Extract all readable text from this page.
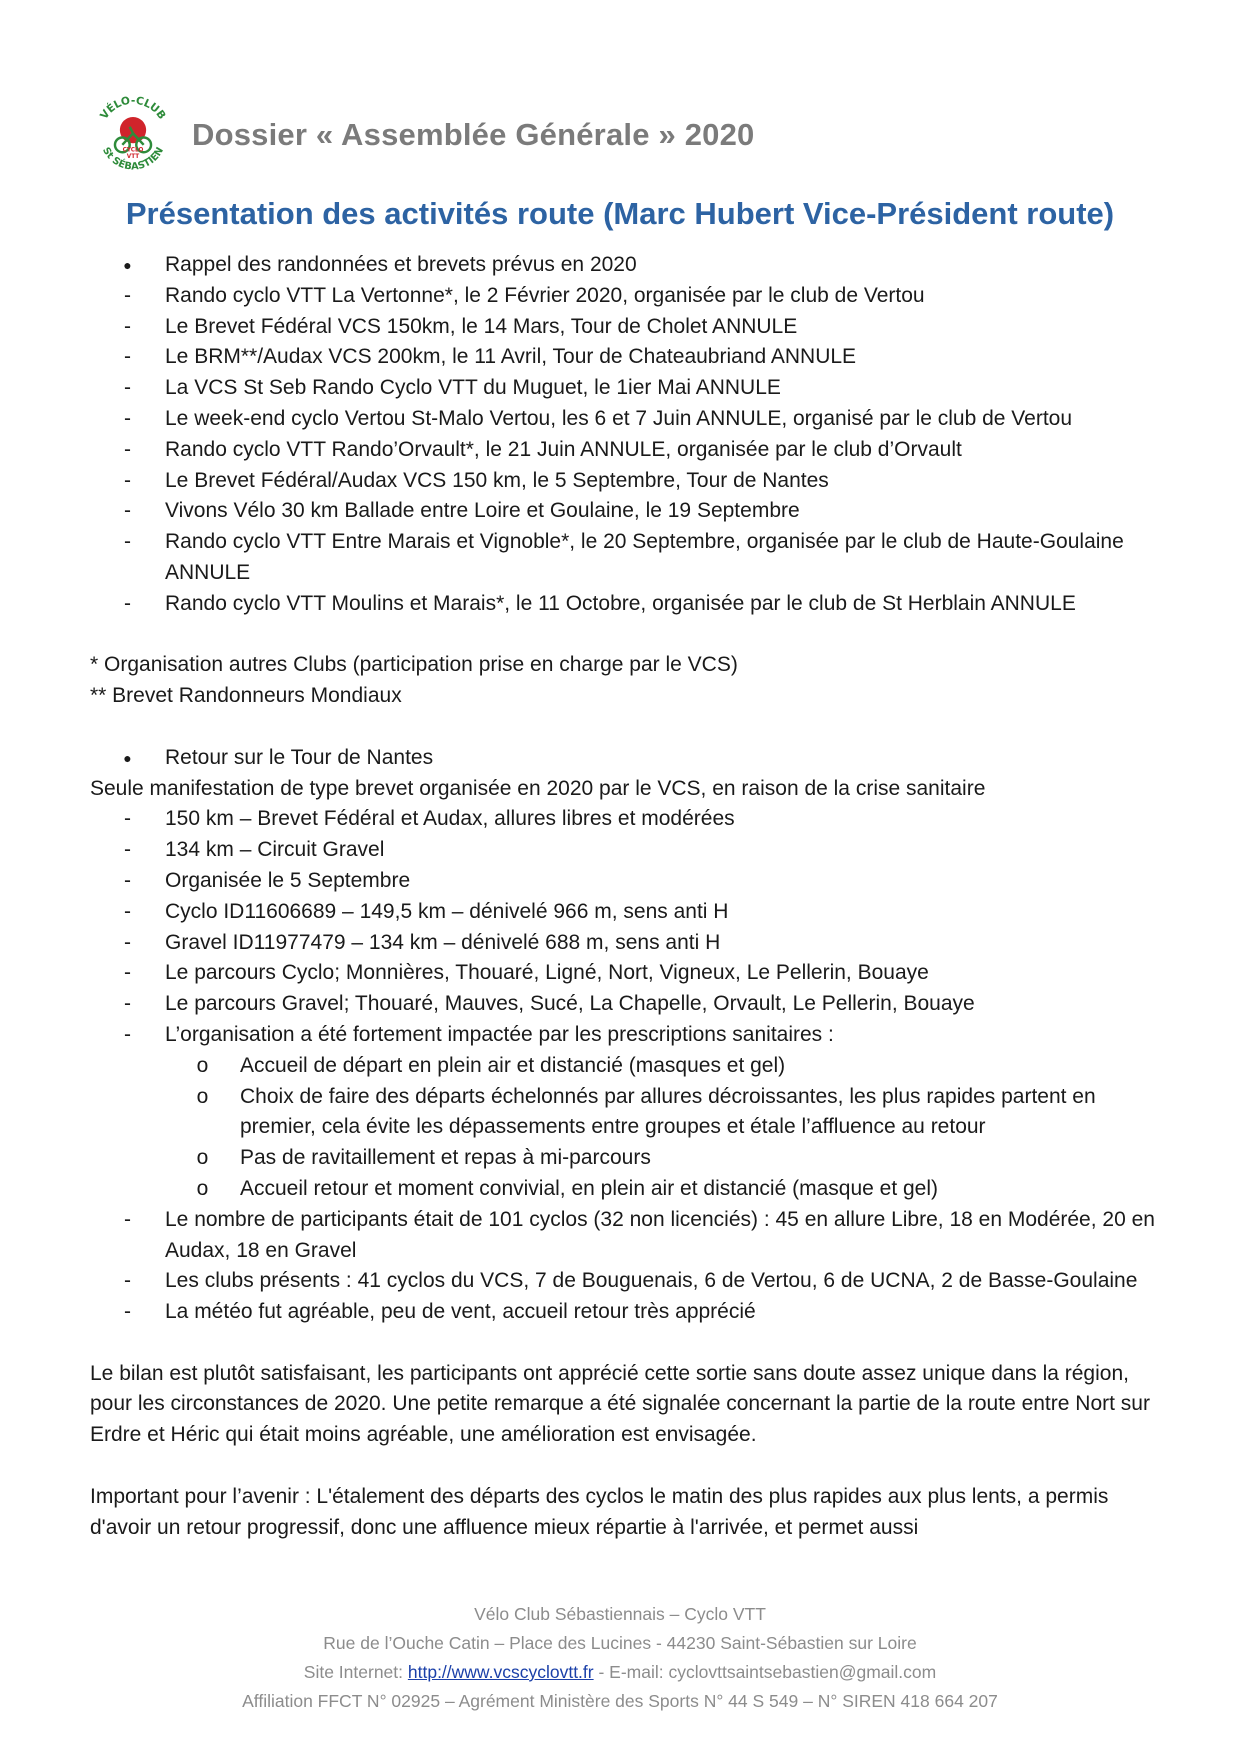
VÉLO-CLUB
St SÉBASTIEN
CYCLO
VTT
Dossier « Assemblée Générale » 2020
Présentation des activités route (Marc Hubert Vice-Président route)
●	Rappel des randonnées et brevets prévus en 2020
-	Rando cyclo VTT La Vertonne*, le 2 Février 2020, organisée par le club de Vertou
-	Le Brevet Fédéral VCS 150km, le 14 Mars, Tour de Cholet ANNULE
-	Le BRM**/Audax VCS 200km, le 11 Avril, Tour de Chateaubriand ANNULE
-	La VCS St Seb Rando Cyclo VTT du Muguet, le 1ier Mai ANNULE
-	Le week-end cyclo Vertou St-Malo Vertou, les 6 et 7 Juin ANNULE, organisé par le club de Vertou
-	Rando cyclo VTT Rando’Orvault*, le 21 Juin ANNULE, organisée par le club d’Orvault
-	Le Brevet Fédéral/Audax VCS 150 km, le 5 Septembre, Tour de Nantes
-	Vivons Vélo 30 km Ballade entre Loire et Goulaine, le 19 Septembre
-	Rando cyclo VTT Entre Marais et Vignoble*, le 20 Septembre, organisée par le club de Haute-Goulaine ANNULE
-	Rando cyclo VTT Moulins et Marais*, le 11 Octobre, organisée par le club de St Herblain ANNULE
* Organisation autres Clubs (participation prise en charge par le VCS)
** Brevet Randonneurs Mondiaux
●	Retour sur le Tour de Nantes
Seule manifestation de type brevet organisée en 2020 par le VCS, en raison de la crise sanitaire
-	150 km – Brevet Fédéral et Audax, allures libres et modérées
-	134 km – Circuit Gravel
-	Organisée le 5 Septembre
-	Cyclo ID11606689 – 149,5 km – dénivelé 966 m, sens anti H
-	Gravel ID11977479 – 134 km – dénivelé 688 m, sens anti H
-	Le parcours Cyclo; Monnières, Thouaré, Ligné, Nort, Vigneux, Le Pellerin, Bouaye
-	Le parcours Gravel; Thouaré, Mauves, Sucé, La Chapelle, Orvault, Le Pellerin, Bouaye
-	L’organisation a été fortement impactée par les prescriptions sanitaires :
o	Accueil de départ en plein air et distancié (masques et gel)
o	Choix de faire des départs échelonnés par allures décroissantes, les plus rapides partent en premier, cela évite les dépassements entre groupes et étale l’affluence au retour
o	Pas de ravitaillement et repas à mi-parcours
o	Accueil retour et moment convivial, en plein air et distancié (masque et gel)
-	Le nombre de participants était de 101 cyclos (32 non licenciés) : 45 en allure Libre, 18 en Modérée, 20 en Audax, 18 en Gravel
-	Les clubs présents : 41 cyclos du VCS, 7 de Bouguenais, 6 de Vertou, 6 de UCNA, 2 de Basse-Goulaine
-	La météo fut agréable, peu de vent, accueil retour très apprécié
Le bilan est plutôt satisfaisant, les participants ont apprécié cette sortie sans doute assez unique dans la région, pour les circonstances de 2020. Une petite remarque a été signalée concernant la partie de la route entre Nort sur Erdre et Héric qui était moins agréable, une amélioration est envisagée.
Important pour l’avenir : L'étalement des départs des cyclos le matin des plus rapides aux plus lents, a permis d'avoir un retour progressif, donc une affluence mieux répartie à l'arrivée, et permet aussi
Vélo Club Sébastiennais – Cyclo VTT
Rue de l’Ouche Catin – Place des Lucines - 44230 Saint-Sébastien sur Loire
Site Internet: http://www.vcscyclovtt.fr - E-mail: cyclovttsaintsebastien@gmail.com
Affiliation FFCT N° 02925 – Agrément Ministère des Sports N° 44 S 549 – N° SIREN 418 664 207
